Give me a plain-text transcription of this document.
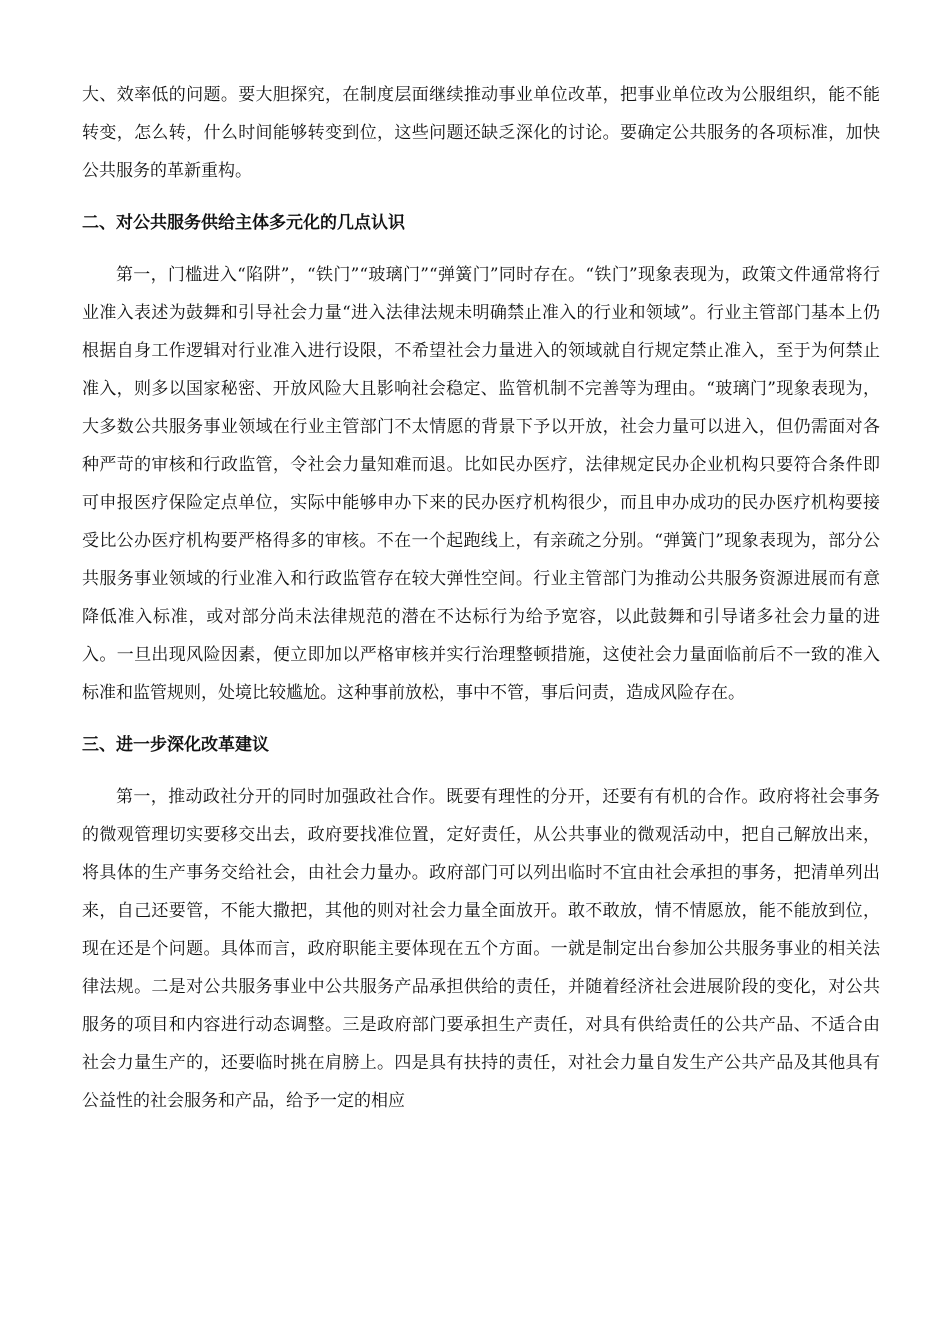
大、效率低的问题。要大胆探究，在制度层面继续推动事业单位改革，把事业单位改为公服组织，能不能转变，怎么转，什么时间能够转变到位，这些问题还缺乏深化的讨论。要确定公共服务的各项标准，加快公共服务的革新重构。

二、对公共服务供给主体多元化的几点认识

第一，门槛进入“陷阱”，“铁门”“玻璃门”“弹簧门”同时存在。“铁门”现象表现为，政策文件通常将行业准入表述为鼓舞和引导社会力量“进入法律法规未明确禁止准入的行业和领域”。行业主管部门基本上仍根据自身工作逻辑对行业准入进行设限，不希望社会力量进入的领域就自行规定禁止准入，至于为何禁止准入，则多以国家秘密、开放风险大且影响社会稳定、监管机制不完善等为理由。“玻璃门”现象表现为，大多数公共服务事业领域在行业主管部门不太情愿的背景下予以开放，社会力量可以进入，但仍需面对各种严苛的审核和行政监管，令社会力量知难而退。比如民办医疗，法律规定民办企业机构只要符合条件即可申报医疗保险定点单位，实际中能够申办下来的民办医疗机构很少，而且申办成功的民办医疗机构要接受比公办医疗机构要严格得多的审核。不在一个起跑线上，有亲疏之分别。“弹簧门”现象表现为，部分公共服务事业领域的行业准入和行政监管存在较大弹性空间。行业主管部门为推动公共服务资源进展而有意降低准入标准，或对部分尚未法律规范的潜在不达标行为给予宽容，以此鼓舞和引导诸多社会力量的进入。一旦出现风险因素，便立即加以严格审核并实行治理整顿措施，这使社会力量面临前后不一致的准入标准和监管规则，处境比较尴尬。这种事前放松，事中不管，事后问责，造成风险存在。

三、进一步深化改革建议

第一，推动政社分开的同时加强政社合作。既要有理性的分开，还要有有机的合作。政府将社会事务的微观管理切实要移交出去，政府要找准位置，定好责任，从公共事业的微观活动中，把自己解放出来，将具体的生产事务交给社会，由社会力量办。政府部门可以列出临时不宜由社会承担的事务，把清单列出来，自己还要管，不能大撒把，其他的则对社会力量全面放开。敢不敢放，情不情愿放，能不能放到位，现在还是个问题。具体而言，政府职能主要体现在五个方面。一就是制定出台参加公共服务事业的相关法律法规。二是对公共服务事业中公共服务产品承担供给的责任，并随着经济社会进展阶段的变化，对公共服务的项目和内容进行动态调整。三是政府部门要承担生产责任，对具有供给责任的公共产品、不适合由社会力量生产的，还要临时挑在肩膀上。四是具有扶持的责任，对社会力量自发生产公共产品及其他具有公益性的社会服务和产品，给予一定的相应
